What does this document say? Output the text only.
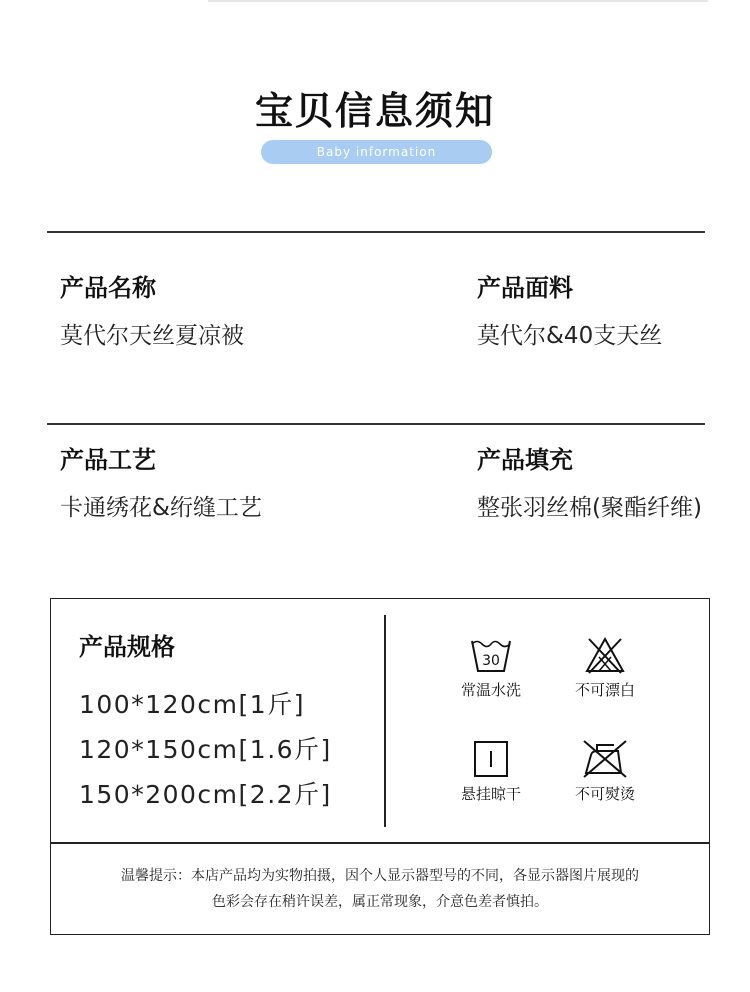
宝贝信息须知
Baby information
产品名称
莫代尔天丝夏凉被
产品面料
莫代尔&40支天丝
产品工艺
卡通绣花&绗缝工艺
产品填充
整张羽丝棉(聚酯纤维)
产品规格
100*120cm[1斤]
120*150cm[1.6斤]
150*200cm[2.2斤]
30
常温水洗	不可漂白
悬挂晾干	不可熨烫
温馨提示：本店产品均为实物拍摄，因个人显示器型号的不同，各显示器图片展现的
色彩会存在稍许误差，属正常现象，介意色差者慎拍。
